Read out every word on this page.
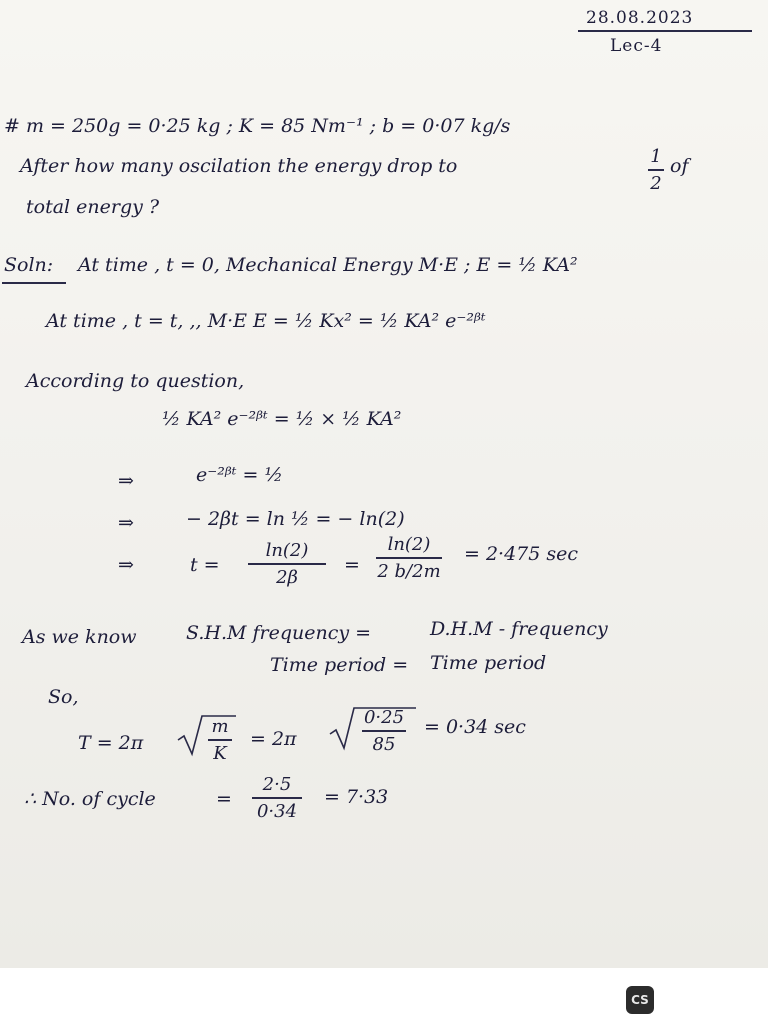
28.08.2023
Lec-4
# m = 250g = 0·25 kg ; K = 85 Nm⁻¹ ; b = 0·07 kg/s
After how many oscilation the energy drop to	1
2
of
total energy ?
Soln: At time , t = 0, Mechanical Energy M·E ; E = ½ KA²
At time , t = t, ,, M·E E = ½ Kx² = ½ KA² e⁻²ᵝᵗ
According to question,
½ KA² e⁻²ᵝᵗ = ½ × ½ KA²
⇒	e⁻²ᵝᵗ = ½
⇒	− 2βt = ln ½ = − ln(2)
⇒	t =
ln(2)
2β
=
ln(2)
2 b/2m
= 2·475 sec
As we know	S.H.M frequency =	D.H.M - frequency
Time period = Time period
So,
T = 2π
m
K
= 2π
0·25
85
= 0·34 sec
∴ No. of cycle	=
2·5
0·34
= 7·33
CS
